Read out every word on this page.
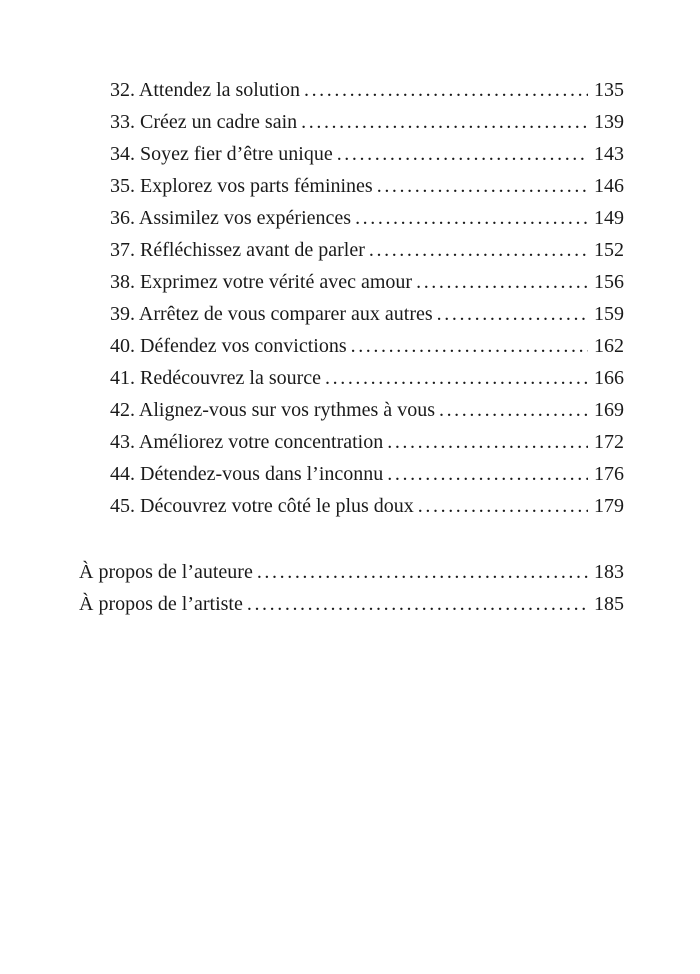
32. Attendez la solution .....	135
33. Créez un cadre sain .....	139
34. Soyez fier d’être unique .....	143
35. Explorez vos parts féminines .....	146
36. Assimilez vos expériences .....	149
37. Réfléchissez avant de parler .....	152
38. Exprimez votre vérité avec amour .....	156
39. Arrêtez de vous comparer aux autres .....	159
40. Défendez vos convictions .....	162
41. Redécouvrez la source .....	166
42. Alignez-vous sur vos rythmes à vous .....	169
43. Améliorez votre concentration .....	172
44. Détendez-vous dans l’inconnu .....	176
45. Découvrez votre côté le plus doux .....	179
À propos de l’auteure .....	183
À propos de l’artiste .....	185
